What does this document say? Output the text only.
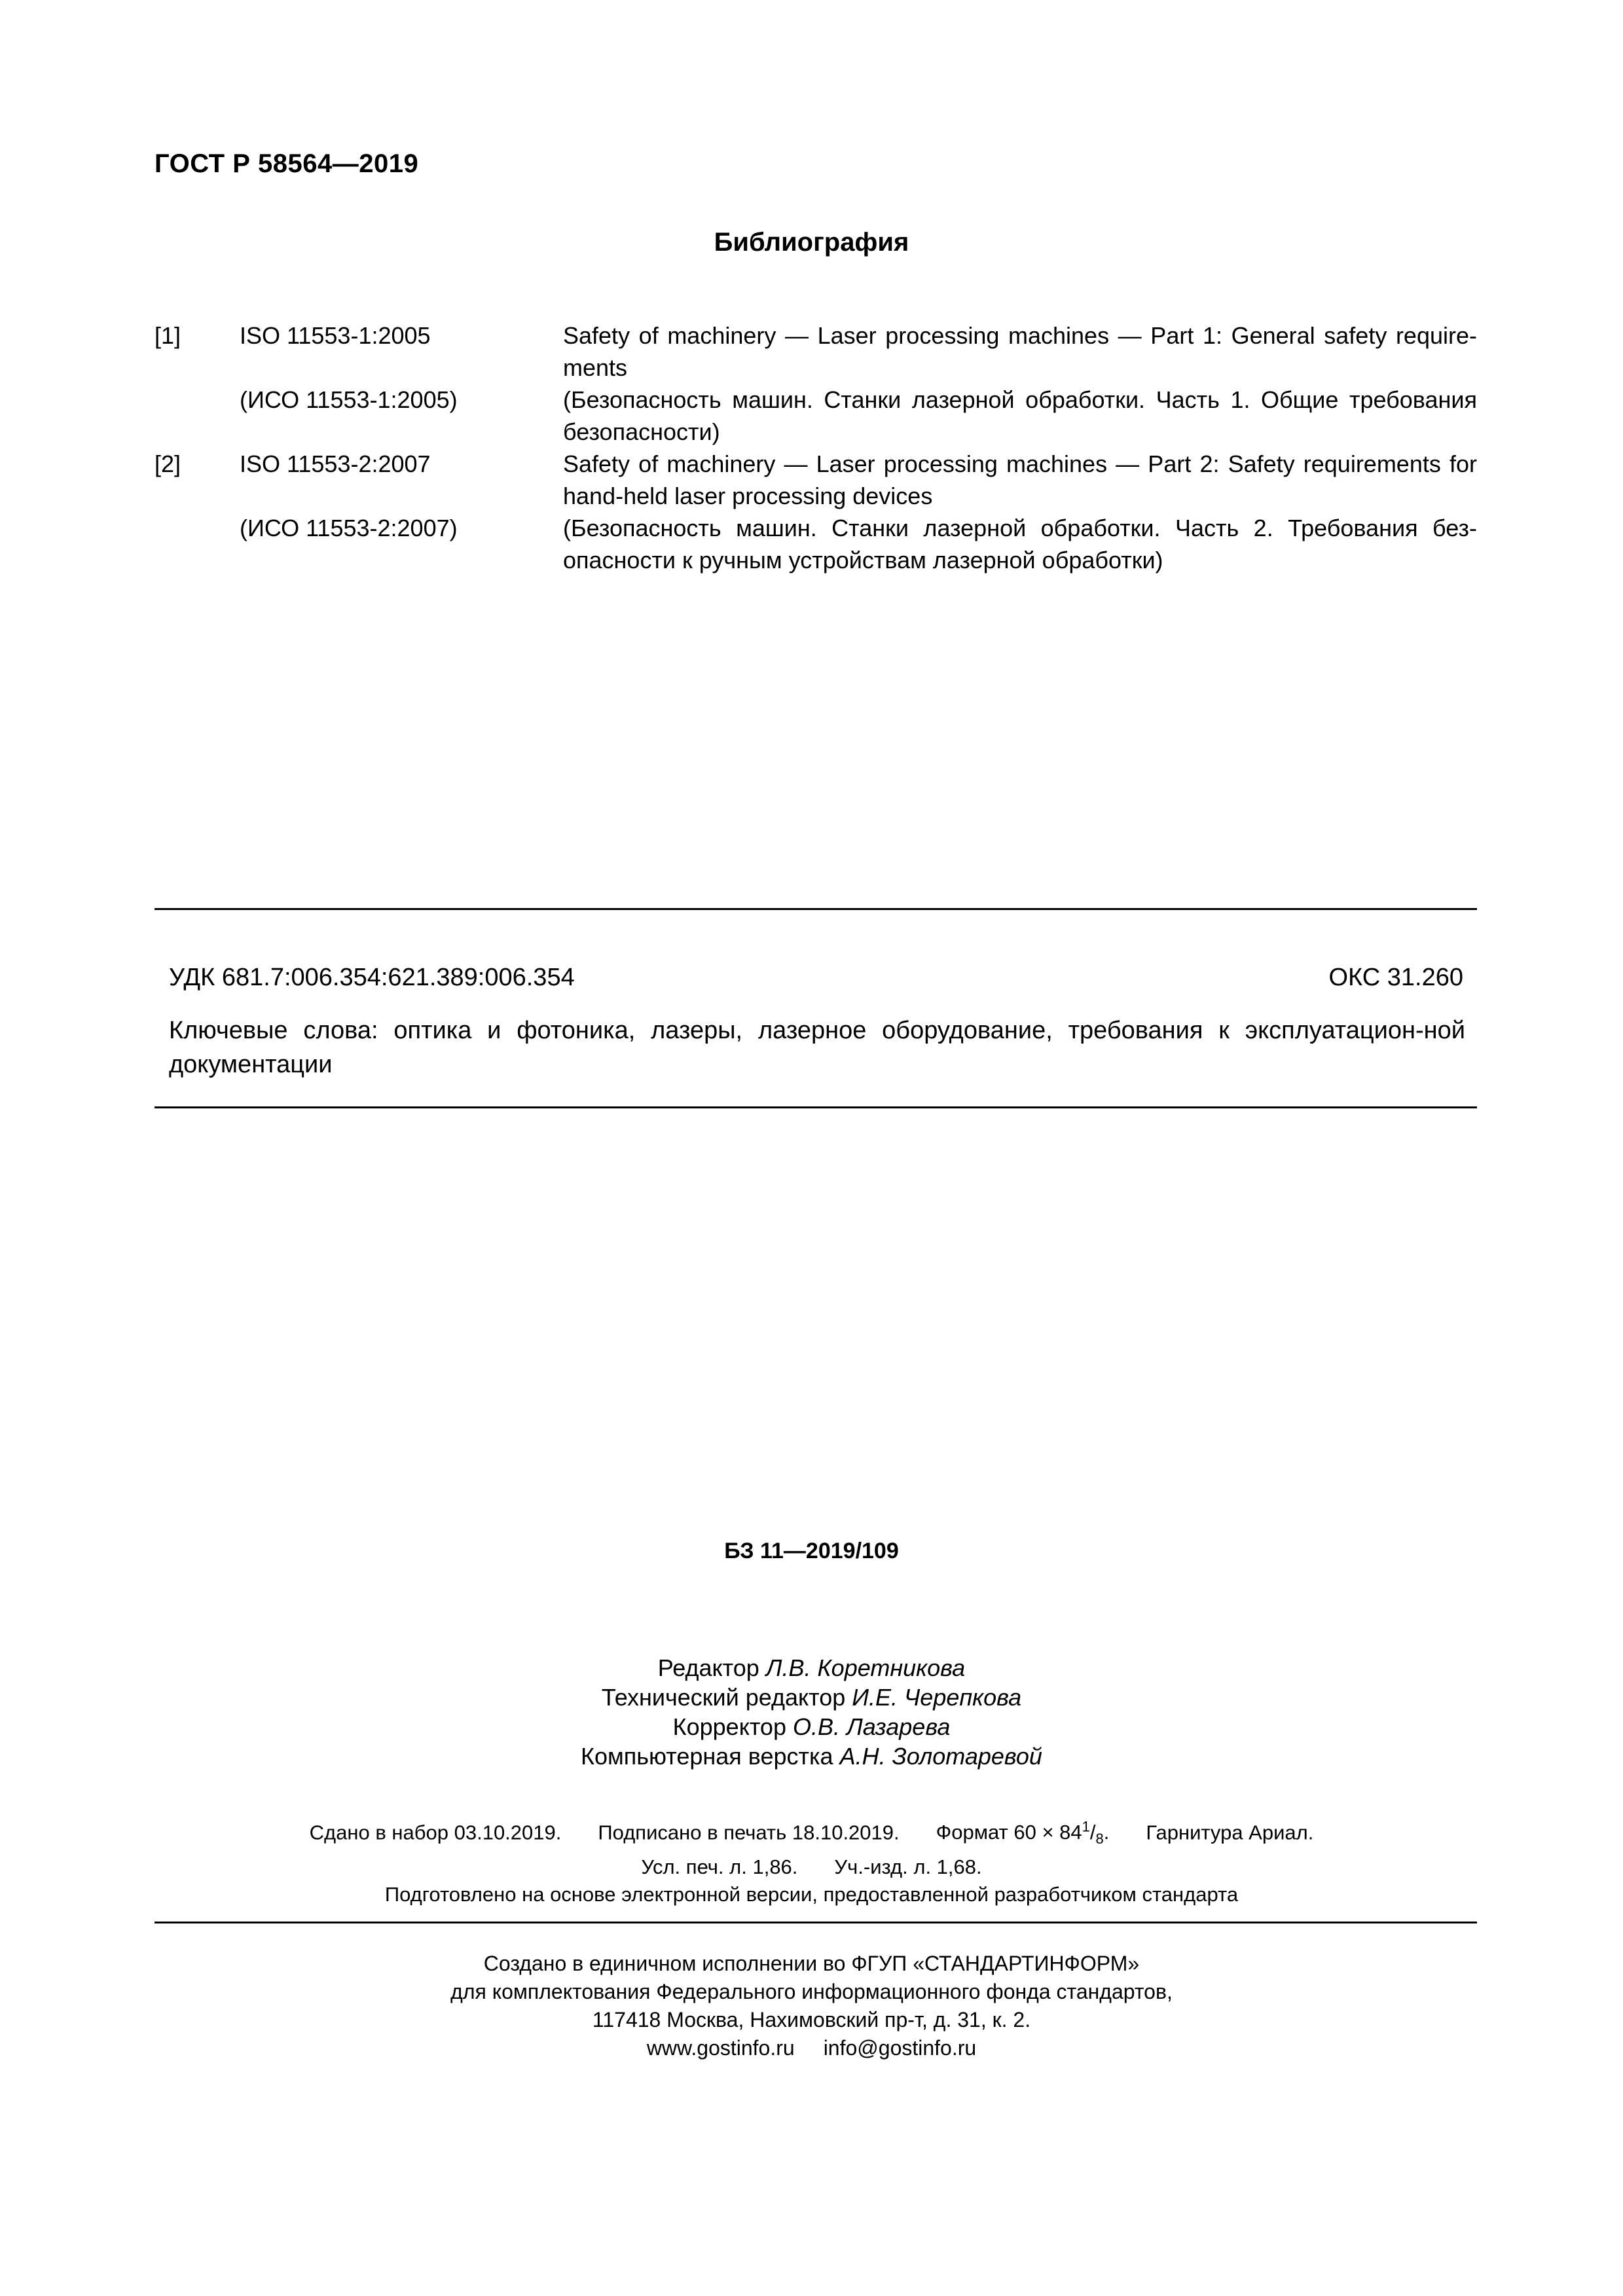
ГОСТ Р 58564—2019
Библиография
[1] ISO 11553-1:2005	Safety of machinery — Laser processing machines — Part 1: General safety require-ments
(ИСО 11553-1:2005)	(Безопасность машин. Станки лазерной обработки. Часть 1. Общие требования безопасности)
[2] ISO 11553-2:2007	Safety of machinery — Laser processing machines — Part 2: Safety requirements for hand-held laser processing devices
(ИСО 11553-2:2007)	(Безопасность машин. Станки лазерной обработки. Часть 2. Требования без-опасности к ручным устройствам лазерной обработки)
УДК 681.7:006.354:621.389:006.354	ОКС 31.260
Ключевые слова: оптика и фотоника, лазеры, лазерное оборудование, требования к эксплуатацион-ной документации
БЗ 11—2019/109
Редактор Л.В. Коретникова
Технический редактор И.Е. Черепкова
Корректор О.В. Лазарева
Компьютерная верстка А.Н. Золотаревой
Сдано в набор 03.10.2019. Подписано в печать 18.10.2019. Формат $60 \times 84^1/_8$. Гарнитура Ариал.
Усл. печ. л. 1,86. Уч.-изд. л. 1,68.
Подготовлено на основе электронной версии, предоставленной разработчиком стандарта
Создано в единичном исполнении во ФГУП «СТАНДАРТИНФОРМ»
для комплектования Федерального информационного фонда стандартов,
117418 Москва, Нахимовский пр-т, д. 31, к. 2.
www.gostinfo.ru info@gostinfo.ru
